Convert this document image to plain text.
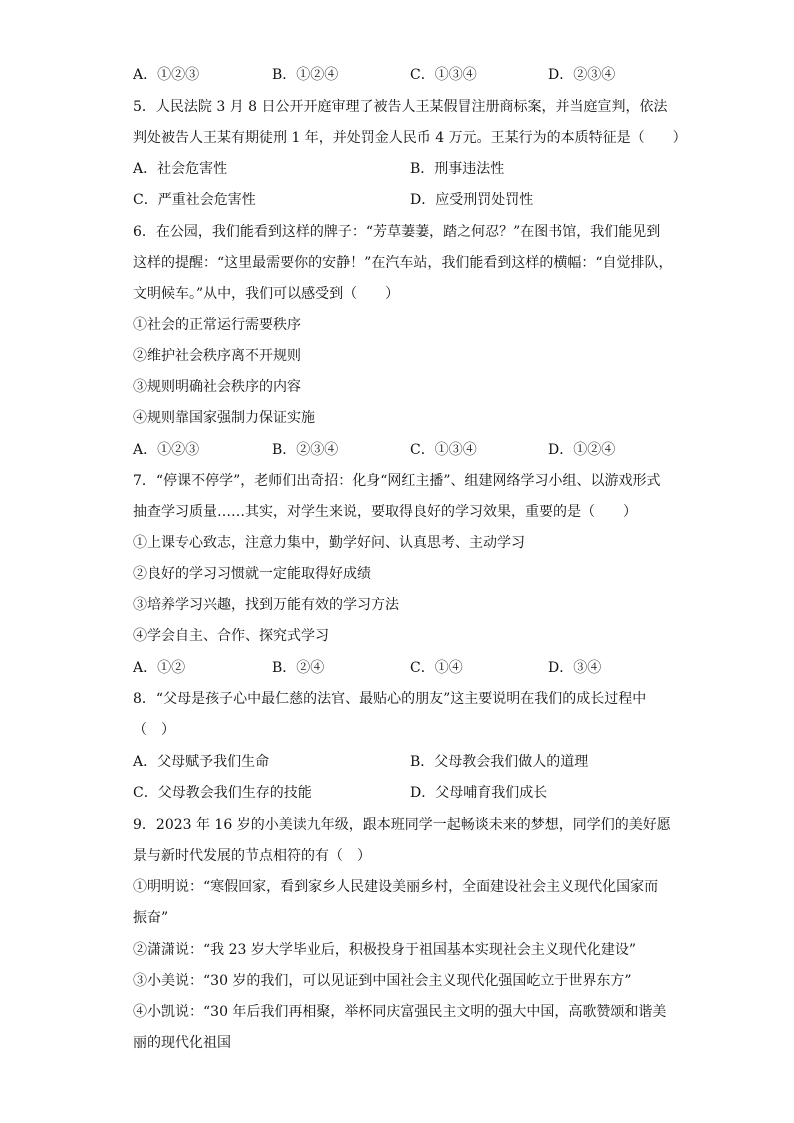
A．①②③	B．①②④	C．①③④	D．②③④
5．人民法院 3 月 8 日公开开庭审理了被告人王某假冒注册商标案，并当庭宣判，依法
判处被告人王某有期徒刑 1 年，并处罚金人民币 4 万元。王某行为的本质特征是（　　）
A．社会危害性	B．刑事违法性
C．严重社会危害性	D．应受刑罚处罚性
6．在公园，我们能看到这样的牌子：“芳草萋萋，踏之何忍？”在图书馆，我们能见到
这样的提醒：“这里最需要你的安静！”在汽车站，我们能看到这样的横幅：“自觉排队，
文明候车。”从中，我们可以感受到（　　）
①社会的正常运行需要秩序
②维护社会秩序离不开规则
③规则明确社会秩序的内容
④规则靠国家强制力保证实施
A．①②③	B．②③④	C．①③④	D．①②④
7．“停课不停学”，老师们出奇招：化身“网红主播”、组建网络学习小组、以游戏形式
抽查学习质量……其实，对学生来说，要取得良好的学习效果，重要的是（　　）
①上课专心致志，注意力集中，勤学好问、认真思考、主动学习
②良好的学习习惯就一定能取得好成绩
③培养学习兴趣，找到万能有效的学习方法
④学会自主、合作、探究式学习
A．①②	B．②④	C．①④	D．③④
8．“父母是孩子心中最仁慈的法官、最贴心的朋友”这主要说明在我们的成长过程中
（　）
A．父母赋予我们生命	B．父母教会我们做人的道理
C．父母教会我们生存的技能	D．父母哺育我们成长
9．2023 年 16 岁的小美读九年级，跟本班同学一起畅谈未来的梦想，同学们的美好愿
景与新时代发展的节点相符的有（　）
①明明说：“寒假回家，看到家乡人民建设美丽乡村，全面建设社会主义现代化国家而
振奋”
②潇潇说：“我 23 岁大学毕业后，积极投身于祖国基本实现社会主义现代化建设”
③小美说：“30 岁的我们，可以见证到中国社会主义现代化强国屹立于世界东方”
④小凯说：“30 年后我们再相聚，举杯同庆富强民主文明的强大中国，高歌赞颂和谐美
丽的现代化祖国
